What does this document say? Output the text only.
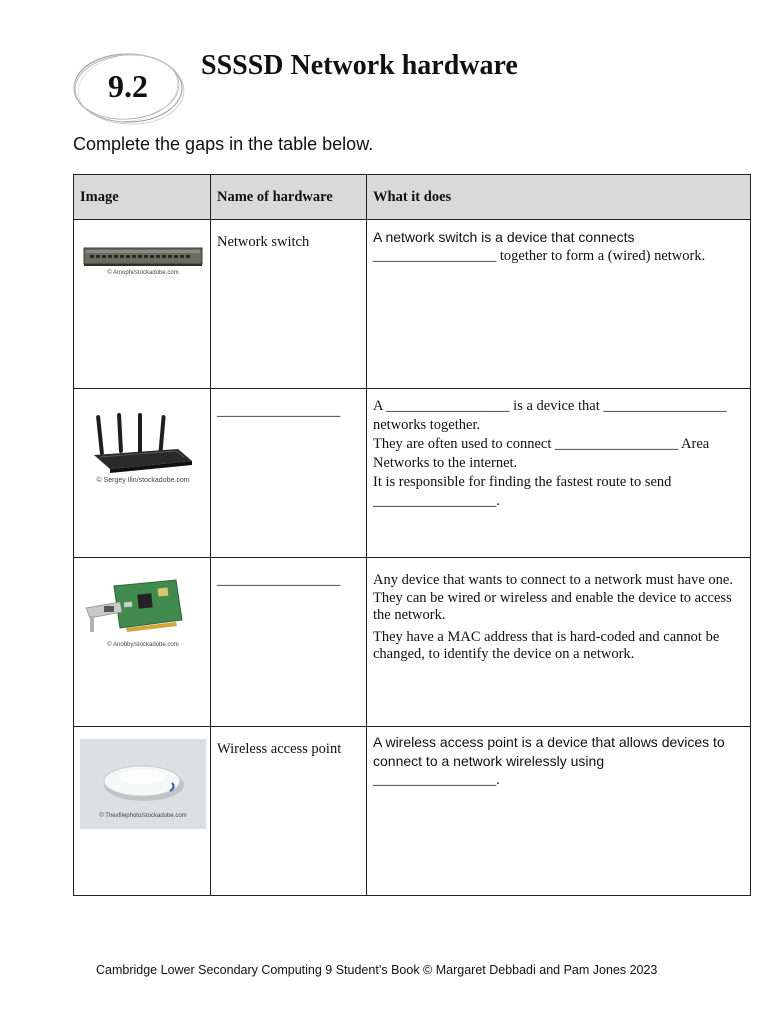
9.2
SSSSD Network hardware
Complete the gaps in the table below.
Image	Name of hardware	What it does

© Amophi/stockadobe.com	Network switch	A network switch is a device that connects

_________________ together to form a (wired) network.

© Sergey Ilin/stockadobe.com	_________________	A _________________ is a device that _________________ networks together.

They are often used to connect _________________ Area Networks to the internet.

It is responsible for finding the fastest route to send _________________.

© Anobby/stockadobe.com	_________________	Any device that wants to connect to a network must have one. They can be wired or wireless and enable the device to access the network.

They have a MAC address that is hard-coded and cannot be changed, to identify the device on a network.

© Thexfilephoto/stockadobe.com	Wireless access point	A wireless access point is a device that allows devices to connect to a network wirelessly using

_________________.

Cambridge Lower Secondary Computing 9 Student’s Book © Margaret Debbadi and Pam Jones 2023
